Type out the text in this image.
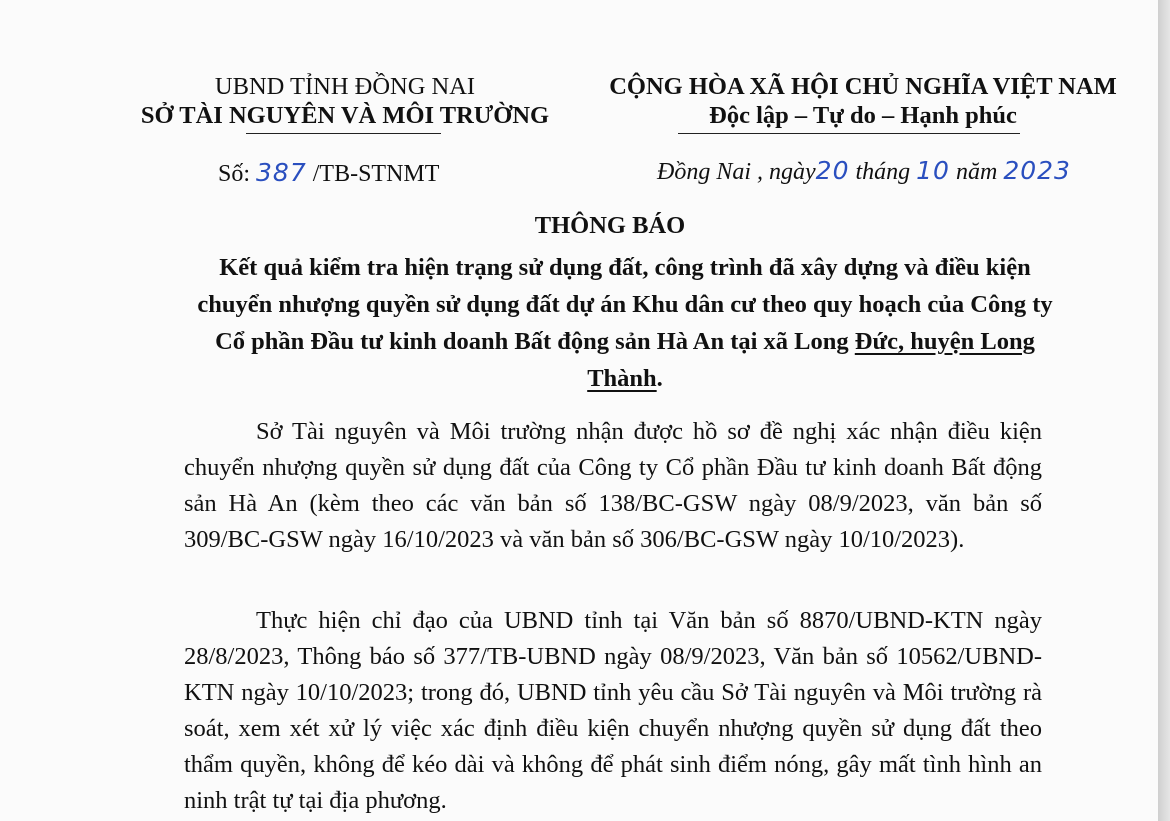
UBND TỈNH ĐỒNG NAI
SỞ TÀI NGUYÊN VÀ MÔI TRƯỜNG
CỘNG HÒA XÃ HỘI CHỦ NGHĨA VIỆT NAM
Độc lập – Tự do – Hạnh phúc
Số: 387 /TB-STNMT	Đồng Nai , ngày20 tháng 10 năm 2023
THÔNG BÁO
Kết quả kiểm tra hiện trạng sử dụng đất, công trình đã xây dựng và điều kiện chuyển nhượng quyền sử dụng đất dự án Khu dân cư theo quy hoạch của Công ty Cổ phần Đầu tư kinh doanh Bất động sản Hà An tại xã Long Đức, huyện Long Thành.
Sở Tài nguyên và Môi trường nhận được hồ sơ đề nghị xác nhận điều kiện chuyển nhượng quyền sử dụng đất của Công ty Cổ phần Đầu tư kinh doanh Bất động sản Hà An (kèm theo các văn bản số 138/BC-GSW ngày 08/9/2023, văn bản số 309/BC-GSW ngày 16/10/2023 và văn bản số 306/BC-GSW ngày 10/10/2023).
Thực hiện chỉ đạo của UBND tỉnh tại Văn bản số 8870/UBND-KTN ngày 28/8/2023, Thông báo số 377/TB-UBND ngày 08/9/2023, Văn bản số 10562/UBND-KTN ngày 10/10/2023; trong đó, UBND tỉnh yêu cầu Sở Tài nguyên và Môi trường rà soát, xem xét xử lý việc xác định điều kiện chuyển nhượng quyền sử dụng đất theo thẩm quyền, không để kéo dài và không để phát sinh điểm nóng, gây mất tình hình an ninh trật tự tại địa phương.
